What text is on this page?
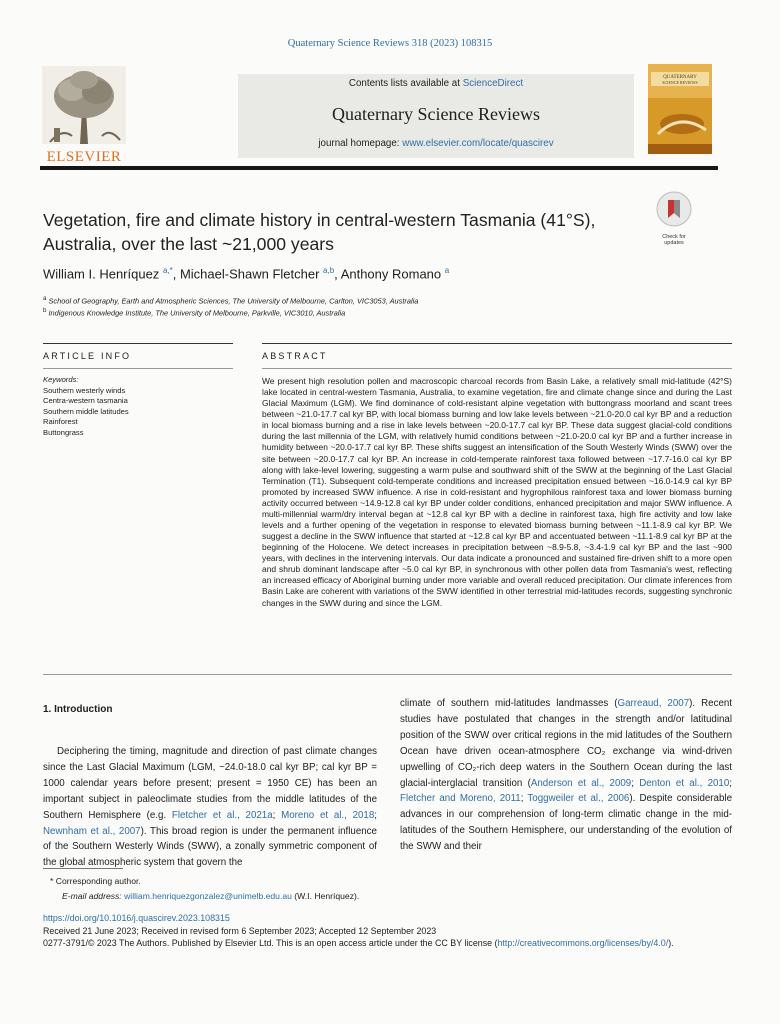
Quaternary Science Reviews 318 (2023) 108315
ELSEVIER
Contents lists available at ScienceDirect
Quaternary Science Reviews
journal homepage: www.elsevier.com/locate/quascirev
QUATERNARY
SCIENCE REVIEWS
Vegetation, fire and climate history in central-western Tasmania (41°S),
Australia, over the last ~21,000 years	Check for updates
William I. Henríquez $^{a,*}$, Michael-Shawn Fletcher $^{a,b}$, Anthony Romano $^a$
$^a$ School of Geography, Earth and Atmospheric Sciences, The University of Melbourne, Carlton, VIC3053, Australia
$^b$ Indigenous Knowledge Institute, The University of Melbourne, Parkville, VIC3010, Australia
ARTICLE INFO	ABSTRACT
Keywords:
Southern westerly winds
Centra-western tasmania
Southern middle latitudes
Rainforest
Buttongrass
We present high resolution pollen and macroscopic charcoal records from Basin Lake, a relatively small mid-latitude (42°S) lake located in central-western Tasmania, Australia, to examine vegetation, fire and climate change since and during the Last Glacial Maximum (LGM). We find dominance of cold-resistant alpine vegetation with buttongrass moorland and scant trees between ~21.0-17.7 cal kyr BP, with local biomass burning and low lake levels between ~21.0-20.0 cal kyr BP and a reduction in local biomass burning and a rise in lake levels between ~20.0-17.7 cal kyr BP. These data suggest glacial-cold conditions during the last millennia of the LGM, with relatively humid conditions between ~21.0-20.0 cal kyr BP and a further increase in humidity between ~20.0-17.7 cal kyr BP. These shifts suggest an intensification of the South Westerly Winds (SWW) over the site between ~20.0-17.7 cal kyr BP. An increase in cold-temperate rainforest taxa followed between ~17.7-16.0 cal kyr BP along with lake-level lowering, suggesting a warm pulse and southward shift of the SWW at the beginning of the Last Glacial Termination (T1). Subsequent cold-temperate conditions and increased precipitation ensued between ~16.0-14.9 cal kyr BP promoted by increased SWW influence. A rise in cold-resistant and hygrophilous rainforest taxa and lower biomass burning activity occurred between ~14.9-12.8 cal kyr BP under colder conditions, enhanced precipitation and major SWW influence. A multi-millennial warm/dry interval began at ~12.8 cal kyr BP with a decline in rainforest taxa, high fire activity and low lake levels and a further opening of the vegetation in response to elevated biomass burning between ~11.1-8.9 cal kyr BP. We suggest a decline in the SWW influence that started at ~12.8 cal kyr BP and accentuated between ~11.1-8.9 cal kyr BP at the beginning of the Holocene. We detect increases in precipitation between ~8.9-5.8, ~3.4-1.9 cal kyr BP and the last ~900 years, with declines in the intervening intervals. Our data indicate a pronounced and sustained fire-driven shift to a more open and shrub dominant landscape after ~5.0 cal kyr BP, in synchronous with other pollen data from Tasmania's west, reflecting an increased efficacy of Aboriginal burning under more variable and overall reduced precipitation. Our climate inferences from Basin Lake are coherent with variations of the SWW identified in other terrestrial mid-latitudes records, suggesting synchronic changes in the SWW during and since the LGM.
1. Introduction
Deciphering the timing, magnitude and direction of past climate changes since the Last Glacial Maximum (LGM, ~24.0-18.0 cal kyr BP; cal kyr BP = 1000 calendar years before present; present = 1950 CE) has been an important subject in paleoclimate studies from the middle latitudes of the Southern Hemisphere (e.g. Fletcher et al., 2021a; Moreno et al., 2018; Newnham et al., 2007). This broad region is under the permanent influence of the Southern Westerly Winds (SWW), a zonally symmetric component of the global atmospheric system that govern the
climate of southern mid-latitudes landmasses (Garreaud, 2007). Recent studies have postulated that changes in the strength and/or latitudinal position of the SWW over critical regions in the mid latitudes of the Southern Ocean have driven ocean-atmosphere CO₂ exchange via wind-driven upwelling of CO₂-rich deep waters in the Southern Ocean during the last glacial-interglacial transition (Anderson et al., 2009; Denton et al., 2010; Fletcher and Moreno, 2011; Toggweiler et al., 2006). Despite considerable advances in our comprehension of long-term climatic change in the mid-latitudes of the Southern Hemisphere, our understanding of the evolution of the SWW and their
* Corresponding author.
E-mail address: william.henriquezgonzalez@unimelb.edu.au (W.I. Henríquez).
https://doi.org/10.1016/j.quascirev.2023.108315
Received 21 June 2023; Received in revised form 6 September 2023; Accepted 12 September 2023
0277-3791/© 2023 The Authors. Published by Elsevier Ltd. This is an open access article under the CC BY license (http://creativecommons.org/licenses/by/4.0/).
